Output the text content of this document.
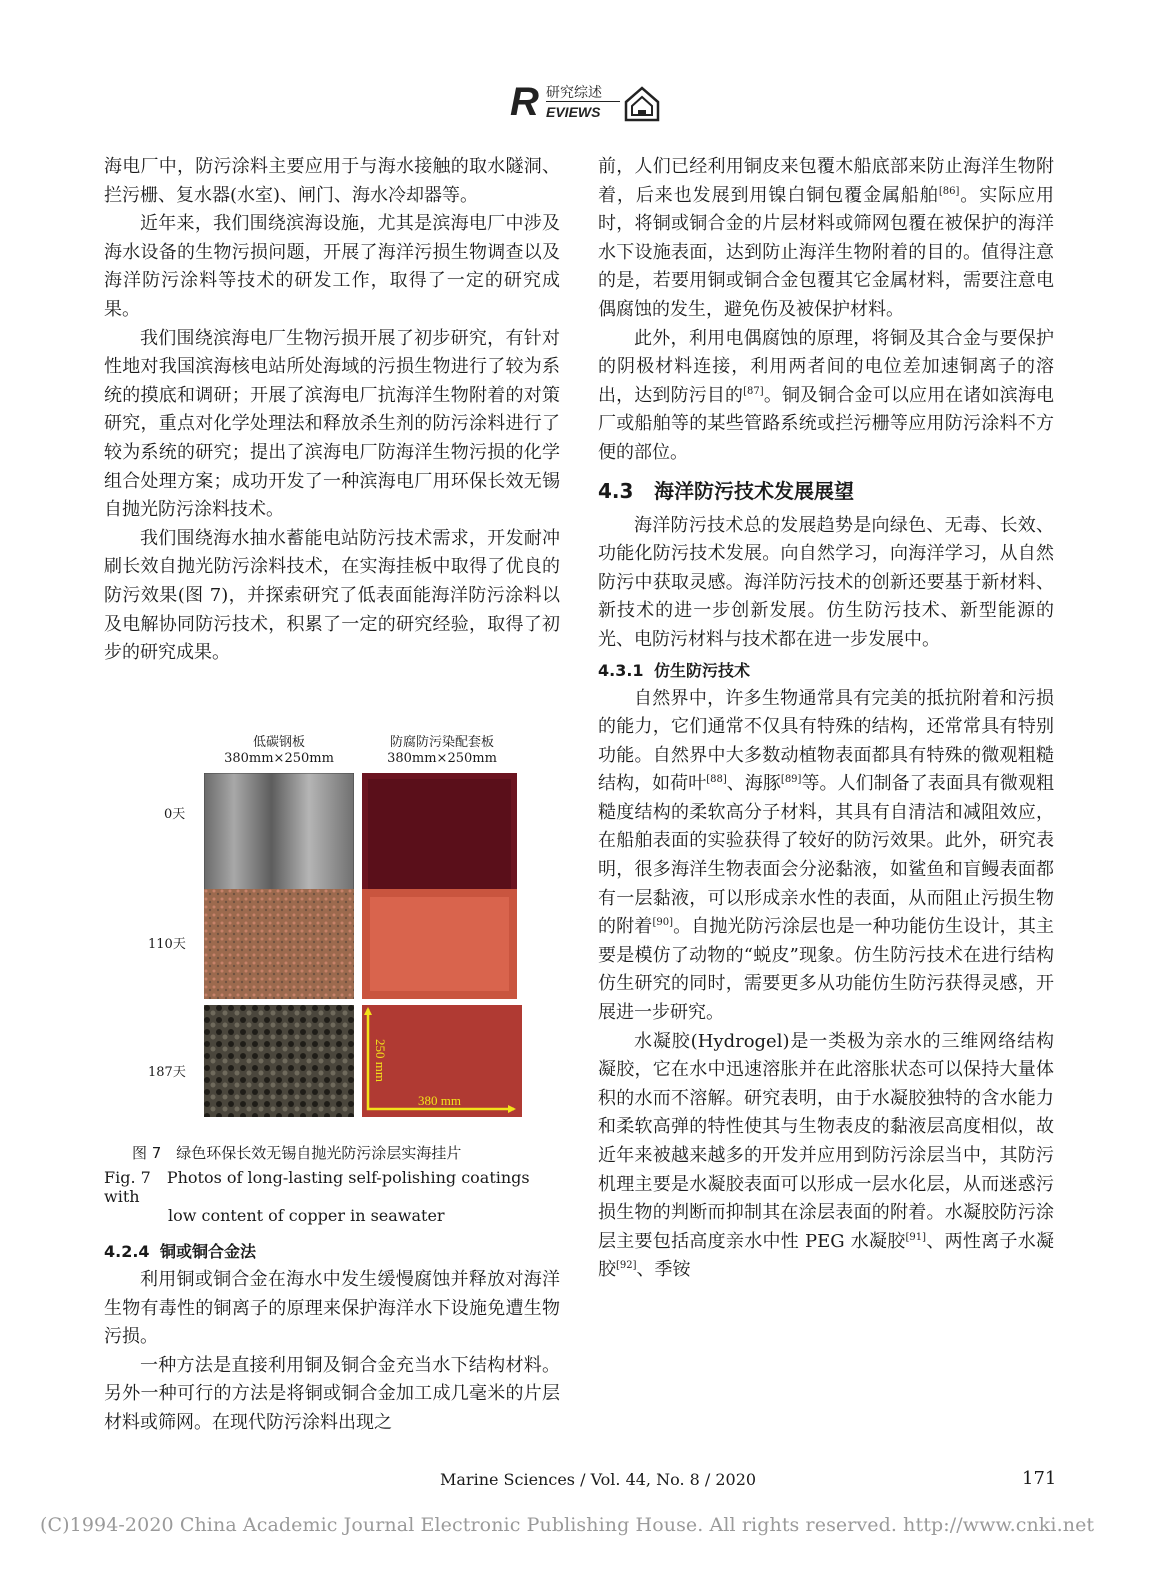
R 研究综述
EVIEWS

海电厂中，防污涂料主要应用于与海水接触的取水隧洞、拦污栅、复水器(水室)、闸门、海水冷却器等。

近年来，我们围绕滨海设施，尤其是滨海电厂中涉及海水设备的生物污损问题，开展了海洋污损生物调查以及海洋防污涂料等技术的研发工作，取得了一定的研究成果。

我们围绕滨海电厂生物污损开展了初步研究，有针对性地对我国滨海核电站所处海域的污损生物进行了较为系统的摸底和调研；开展了滨海电厂抗海洋生物附着的对策研究，重点对化学处理法和释放杀生剂的防污涂料进行了较为系统的研究；提出了滨海电厂防海洋生物污损的化学组合处理方案；成功开发了一种滨海电厂用环保长效无锡自抛光防污涂料技术。

我们围绕海水抽水蓄能电站防污技术需求，开发耐冲刷长效自抛光防污涂料技术，在实海挂板中取得了优良的防污效果(图 7)，并探索研究了低表面能海洋防污涂料以及电解协同防污技术，积累了一定的研究经验，取得了初步的研究成果。

低碳钢板
380mm×250mm
防腐防污染配套板
380mm×250mm
0天
110天
187天	250 mm
380 mm
图 7　绿色环保长效无锡自抛光防污涂层实海挂片
Fig. 7　Photos of long-lasting self-polishing coatings with
low content of copper in seawater
4.2.4 铜或铜合金法

利用铜或铜合金在海水中发生缓慢腐蚀并释放对海洋生物有毒性的铜离子的原理来保护海洋水下设施免遭生物污损。

一种方法是直接利用铜及铜合金充当水下结构材料。另外一种可行的方法是将铜或铜合金加工成几毫米的片层材料或筛网。在现代防污涂料出现之

前，人们已经利用铜皮来包覆木船底部来防止海洋生物附着，后来也发展到用镍白铜包覆金属船舶[86]。实际应用时，将铜或铜合金的片层材料或筛网包覆在被保护的海洋水下设施表面，达到防止海洋生物附着的目的。值得注意的是，若要用铜或铜合金包覆其它金属材料，需要注意电偶腐蚀的发生，避免伤及被保护材料。

此外，利用电偶腐蚀的原理，将铜及其合金与要保护的阴极材料连接，利用两者间的电位差加速铜离子的溶出，达到防污目的[87]。铜及铜合金可以应用在诸如滨海电厂或船舶等的某些管路系统或拦污栅等应用防污涂料不方便的部位。

4.3 海洋防污技术发展展望

海洋防污技术总的发展趋势是向绿色、无毒、长效、功能化防污技术发展。向自然学习，向海洋学习，从自然防污中获取灵感。海洋防污技术的创新还要基于新材料、新技术的进一步创新发展。仿生防污技术、新型能源的光、电防污材料与技术都在进一步发展中。

4.3.1 仿生防污技术

自然界中，许多生物通常具有完美的抵抗附着和污损的能力，它们通常不仅具有特殊的结构，还常常具有特别功能。自然界中大多数动植物表面都具有特殊的微观粗糙结构，如荷叶[88]、海豚[89]等。人们制备了表面具有微观粗糙度结构的柔软高分子材料，其具有自清洁和减阻效应，在船舶表面的实验获得了较好的防污效果。此外，研究表明，很多海洋生物表面会分泌黏液，如鲨鱼和盲鳗表面都有一层黏液，可以形成亲水性的表面，从而阻止污损生物的附着[90]。自抛光防污涂层也是一种功能仿生设计，其主要是模仿了动物的“蜕皮”现象。仿生防污技术在进行结构仿生研究的同时，需要更多从功能仿生防污获得灵感，开展进一步研究。

水凝胶(Hydrogel)是一类极为亲水的三维网络结构凝胶，它在水中迅速溶胀并在此溶胀状态可以保持大量体积的水而不溶解。研究表明，由于水凝胶独特的含水能力和柔软高弹的特性使其与生物表皮的黏液层高度相似，故近年来被越来越多的开发并应用到防污涂层当中，其防污机理主要是水凝胶表面可以形成一层水化层，从而迷惑污损生物的判断而抑制其在涂层表面的附着。水凝胶防污涂层主要包括高度亲水中性 PEG 水凝胶[91]、两性离子水凝胶[92]、季铵

Marine Sciences / Vol. 44, No. 8 / 2020	171
(C)1994-2020 China Academic Journal Electronic Publishing House. All rights reserved. http://www.cnki.net
